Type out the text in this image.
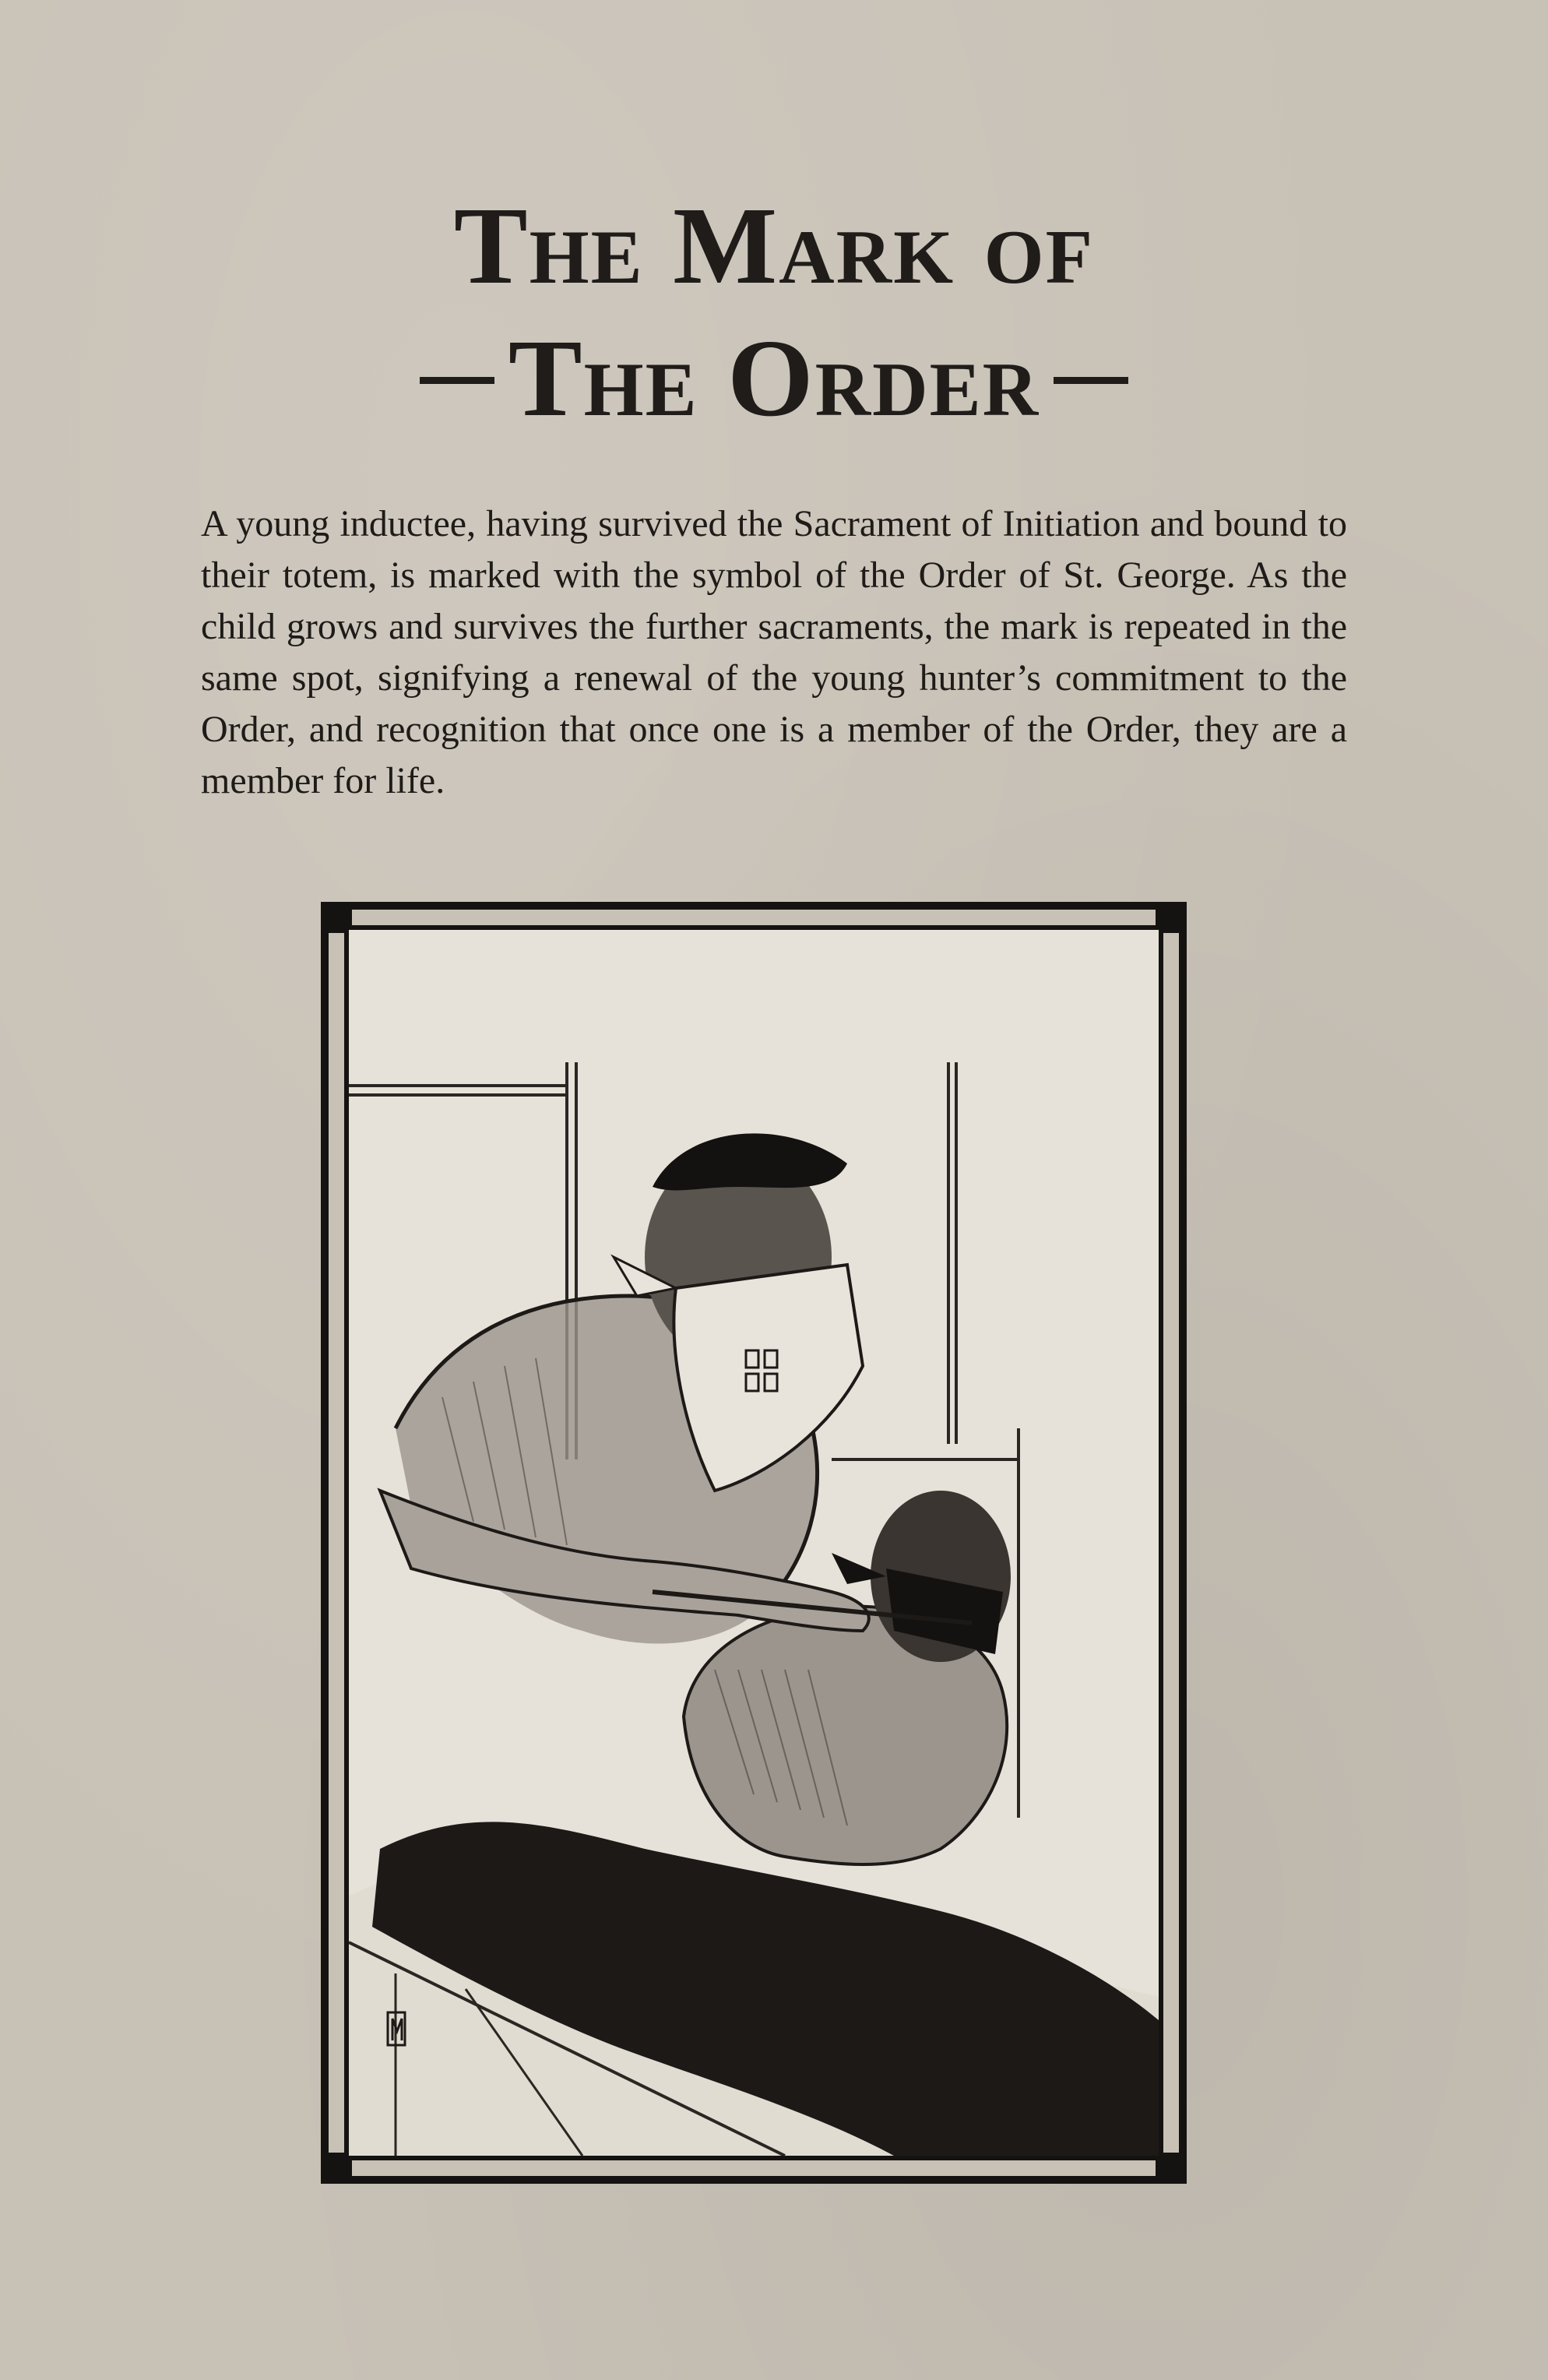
The Mark of
The Order
A young inductee, having survived the Sacrament of Initiation and bound to their totem, is marked with the symbol of the Order of St. George. As the child grows and survives the further sacraments, the mark is repeated in the same spot, signifying a renewal of the young hunter’s commitment to the Order, and recognition that once one is a member of the Order, they are a member for life.
